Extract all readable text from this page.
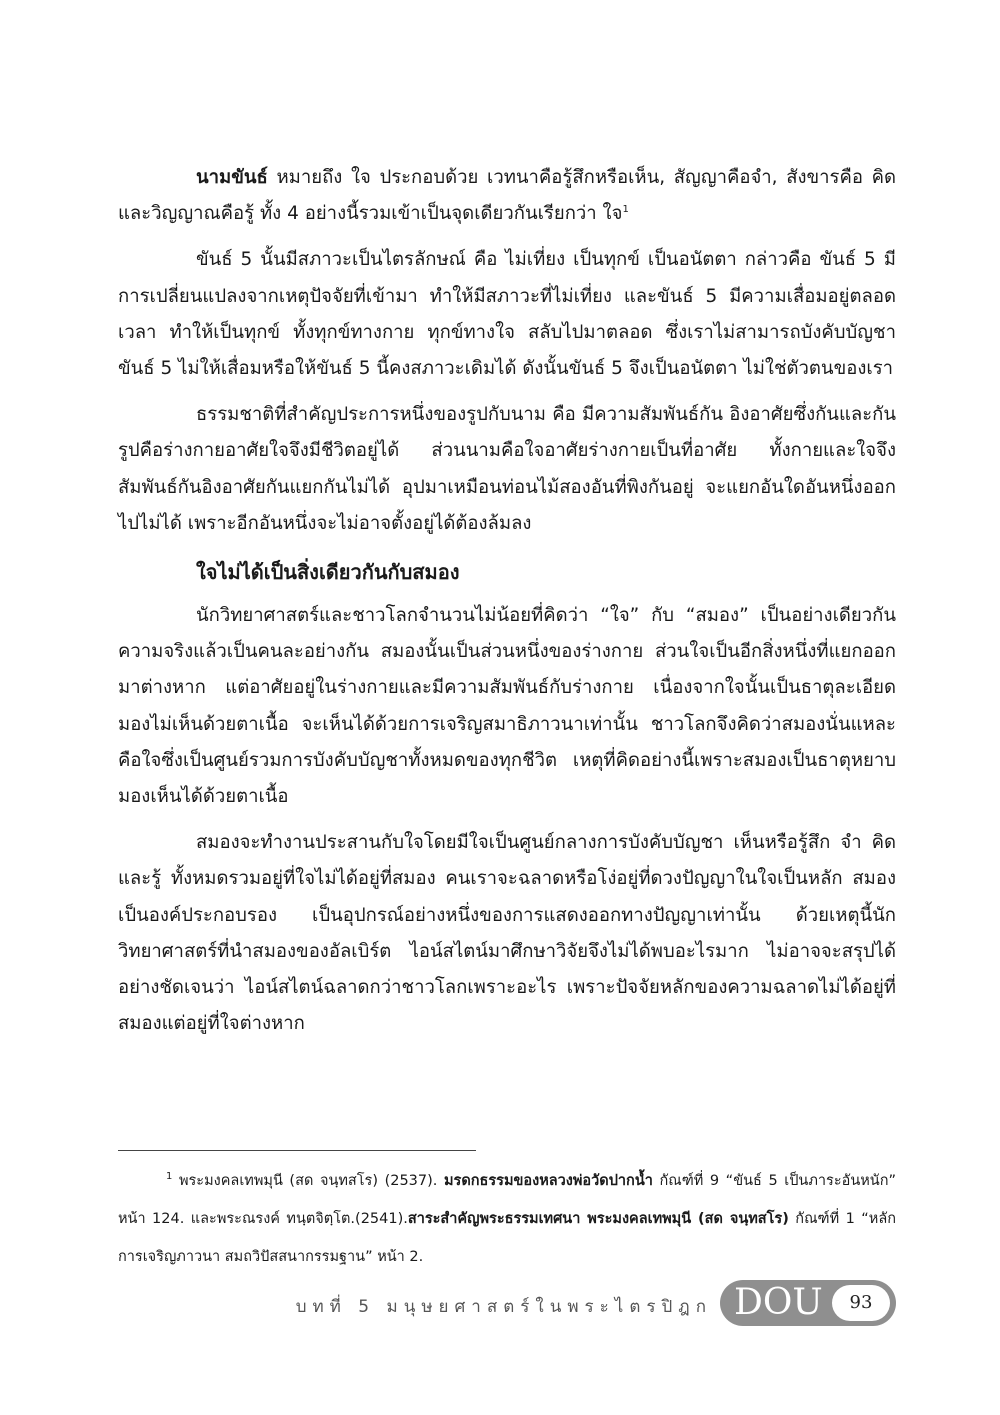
นามขันธ์ หมายถึง ใจ ประกอบด้วย เวทนาคือรู้สึกหรือเห็น, สัญญาคือจำ, สังขารคือ คิด และวิญญาณคือรู้ ทั้ง 4 อย่างนี้รวมเข้าเป็นจุดเดียวกันเรียกว่า ใจ$^1$

ขันธ์ 5 นั้นมีสภาวะเป็นไตรลักษณ์ คือ ไม่เที่ยง เป็นทุกข์ เป็นอนัตตา กล่าวคือ ขันธ์ 5 มีการเปลี่ยนแปลงจากเหตุปัจจัยที่เข้ามา ทำให้มีสภาวะที่ไม่เที่ยง และขันธ์ 5 มีความเสื่อมอยู่ตลอดเวลา ทำให้เป็นทุกข์ ทั้งทุกข์ทางกาย ทุกข์ทางใจ สลับไปมาตลอด ซึ่งเราไม่สามารถบังคับบัญชาขันธ์ 5 ไม่ให้เสื่อมหรือให้ขันธ์ 5 นี้คงสภาวะเดิมได้ ดังนั้นขันธ์ 5 จึงเป็นอนัตตา ไม่ใช่ตัวตนของเรา

ธรรมชาติที่สำคัญประการหนึ่งของรูปกับนาม คือ มีความสัมพันธ์กัน อิงอาศัยซึ่งกันและกัน รูปคือร่างกายอาศัยใจจึงมีชีวิตอยู่ได้ ส่วนนามคือใจอาศัยร่างกายเป็นที่อาศัย ทั้งกายและใจจึงสัมพันธ์กันอิงอาศัยกันแยกกันไม่ได้ อุปมาเหมือนท่อนไม้สองอันที่พิงกันอยู่ จะแยกอันใดอันหนึ่งออกไปไม่ได้ เพราะอีกอันหนึ่งจะไม่อาจตั้งอยู่ได้ต้องล้มลง

ใจไม่ได้เป็นสิ่งเดียวกันกับสมอง

นักวิทยาศาสตร์และชาวโลกจำนวนไม่น้อยที่คิดว่า “ใจ” กับ “สมอง” เป็นอย่างเดียวกัน ความจริงแล้วเป็นคนละอย่างกัน สมองนั้นเป็นส่วนหนึ่งของร่างกาย ส่วนใจเป็นอีกสิ่งหนึ่งที่แยกออกมาต่างหาก แต่อาศัยอยู่ในร่างกายและมีความสัมพันธ์กับร่างกาย เนื่องจากใจนั้นเป็นธาตุละเอียดมองไม่เห็นด้วยตาเนื้อ จะเห็นได้ด้วยการเจริญสมาธิภาวนาเท่านั้น ชาวโลกจึงคิดว่าสมองนั่นแหละคือใจซึ่งเป็นศูนย์รวมการบังคับบัญชาทั้งหมดของทุกชีวิต เหตุที่คิดอย่างนี้เพราะสมองเป็นธาตุหยาบมองเห็นได้ด้วยตาเนื้อ

สมองจะทำงานประสานกับใจโดยมีใจเป็นศูนย์กลางการบังคับบัญชา เห็นหรือรู้สึก จำ คิด และรู้ ทั้งหมดรวมอยู่ที่ใจไม่ได้อยู่ที่สมอง คนเราจะฉลาดหรือโง่อยู่ที่ดวงปัญญาในใจเป็นหลัก สมองเป็นองค์ประกอบรอง เป็นอุปกรณ์อย่างหนึ่งของการแสดงออกทางปัญญาเท่านั้น ด้วยเหตุนี้นักวิทยาศาสตร์ที่นำสมองของอัลเบิร์ต ไอน์สไตน์มาศึกษาวิจัยจึงไม่ได้พบอะไรมาก ไม่อาจจะสรุปได้อย่างชัดเจนว่า ไอน์สไตน์ฉลาดกว่าชาวโลกเพราะอะไร เพราะปัจจัยหลักของความฉลาดไม่ได้อยู่ที่สมองแต่อยู่ที่ใจต่างหาก

$^1$ พระมงคลเทพมุนี (สด จนฺทสโร) (2537). มรดกธรรมของหลวงพ่อวัดปากน้ำ กัณฑ์ที่ 9 “ขันธ์ 5 เป็นภาระอันหนัก” หน้า 124. และพระณรงค์ ทนฺตจิตฺโต.(2541).สาระสำคัญพระธรรมเทศนา พระมงคลเทพมุนี (สด จนฺทสโร) กัณฑ์ที่ 1 “หลักการเจริญภาวนา สมถวิปัสสนากรรมฐาน” หน้า 2.

บทที่ 5 มนุษยศาสตร์ในพระไตรปิฎก DOU	93
